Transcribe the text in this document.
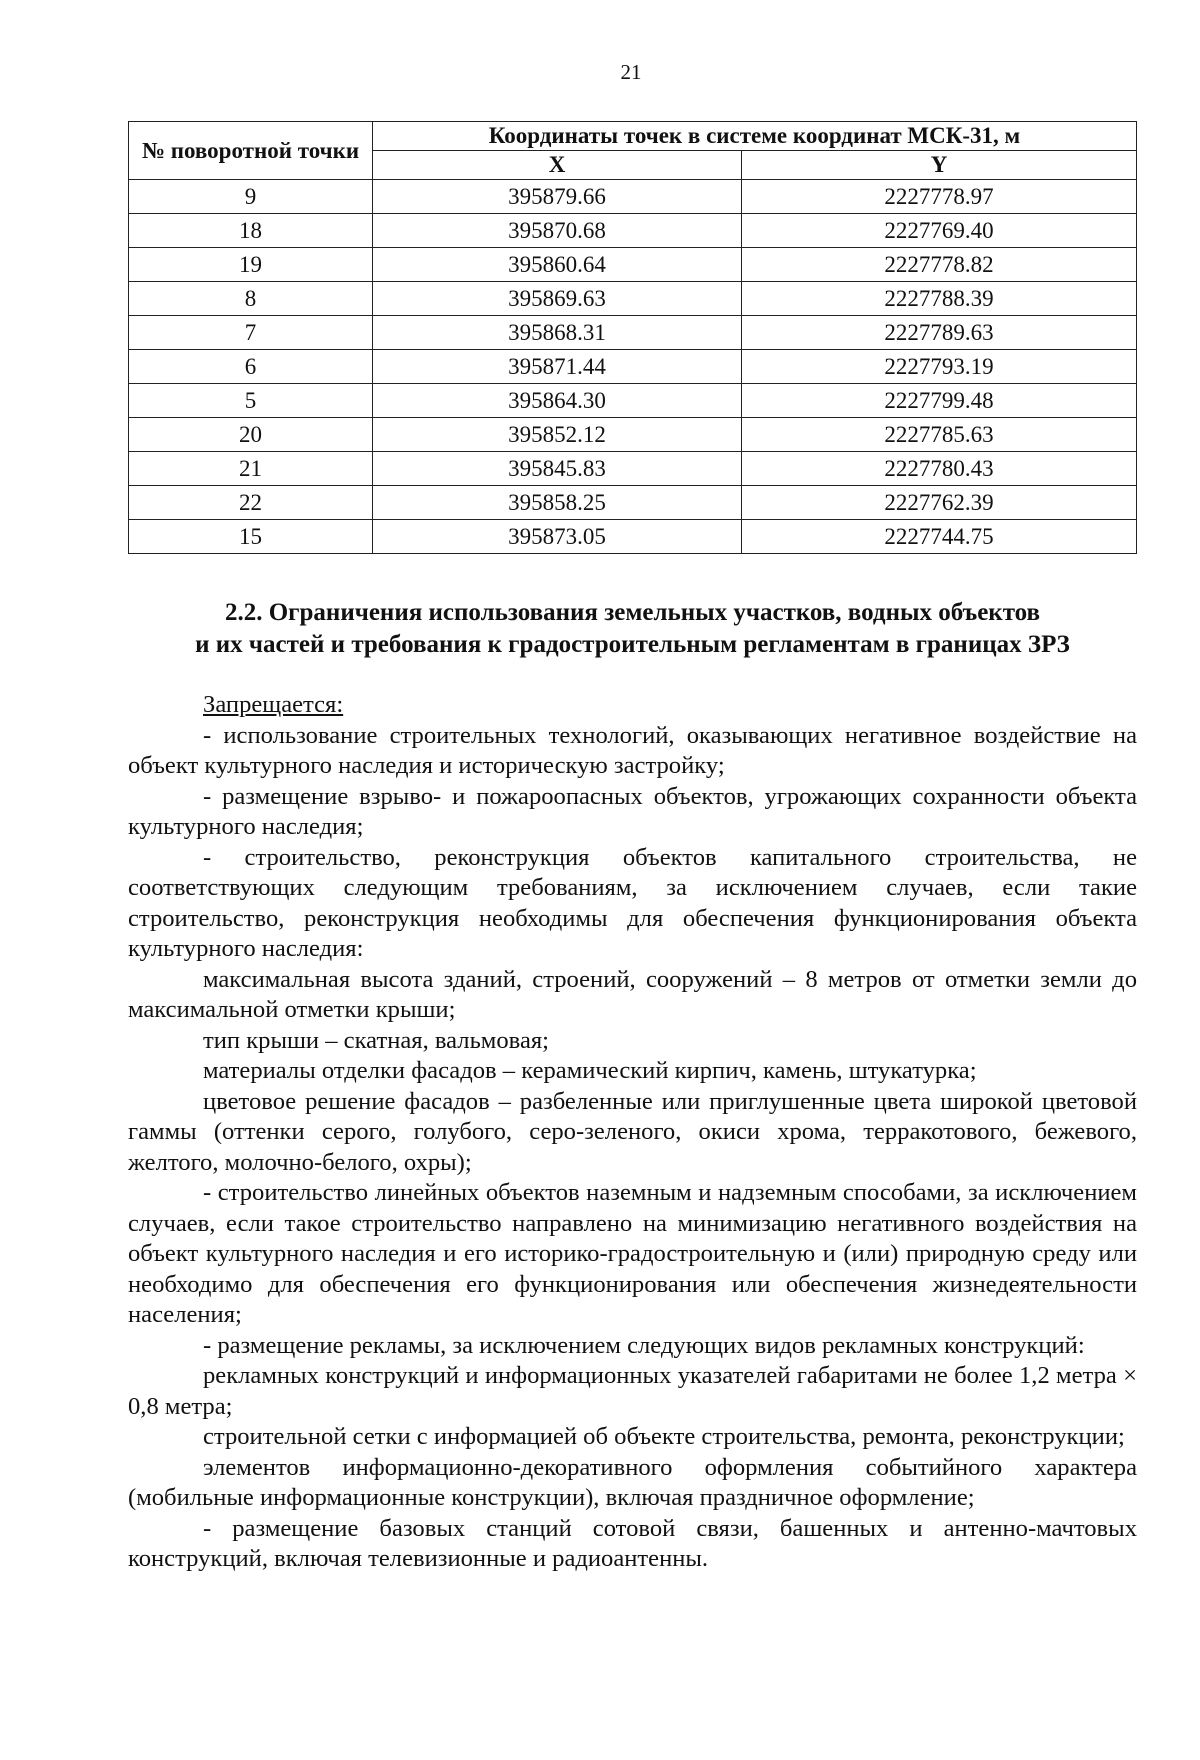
21
№ поворотной точки	Координаты точек в системе координат МСК-31, м	
	X	Y
9	395879.66	2227778.97
18	395870.68	2227769.40
19	395860.64	2227778.82
8	395869.63	2227788.39
7	395868.31	2227789.63
6	395871.44	2227793.19
5	395864.30	2227799.48
20	395852.12	2227785.63
21	395845.83	2227780.43
22	395858.25	2227762.39
15	395873.05	2227744.75
2.2. Ограничения использования земельных участков, водных объектов
и их частей и требования к градостроительным регламентам в границах ЗРЗ

Запрещается:

- использование строительных технологий, оказывающих негативное воздействие на объект культурного наследия и историческую застройку;

- размещение взрыво- и пожароопасных объектов, угрожающих сохранности объекта культурного наследия;

- строительство, реконструкция объектов капитального строительства, не соответствующих следующим требованиям, за исключением случаев, если такие строительство, реконструкция необходимы для обеспечения функционирования объекта культурного наследия:

максимальная высота зданий, строений, сооружений – 8 метров от отметки земли до максимальной отметки крыши;

тип крыши – скатная, вальмовая;

материалы отделки фасадов – керамический кирпич, камень, штукатурка;

цветовое решение фасадов – разбеленные или приглушенные цвета широкой цветовой гаммы (оттенки серого, голубого, серо-зеленого, окиси хрома, терракотового, бежевого, желтого, молочно-белого, охры);

- строительство линейных объектов наземным и надземным способами, за исключением случаев, если такое строительство направлено на минимизацию негативного воздействия на объект культурного наследия и его историко-градостроительную и (или) природную среду или необходимо для обеспечения его функционирования или обеспечения жизнедеятельности населения;

- размещение рекламы, за исключением следующих видов рекламных конструкций:

рекламных конструкций и информационных указателей габаритами не более 1,2 метра × 0,8 метра;

строительной сетки с информацией об объекте строительства, ремонта, реконструкции;

элементов информационно-декоративного оформления событийного характера (мобильные информационные конструкции), включая праздничное оформление;

- размещение базовых станций сотовой связи, башенных и антенно-мачтовых конструкций, включая телевизионные и радиоантенны.
